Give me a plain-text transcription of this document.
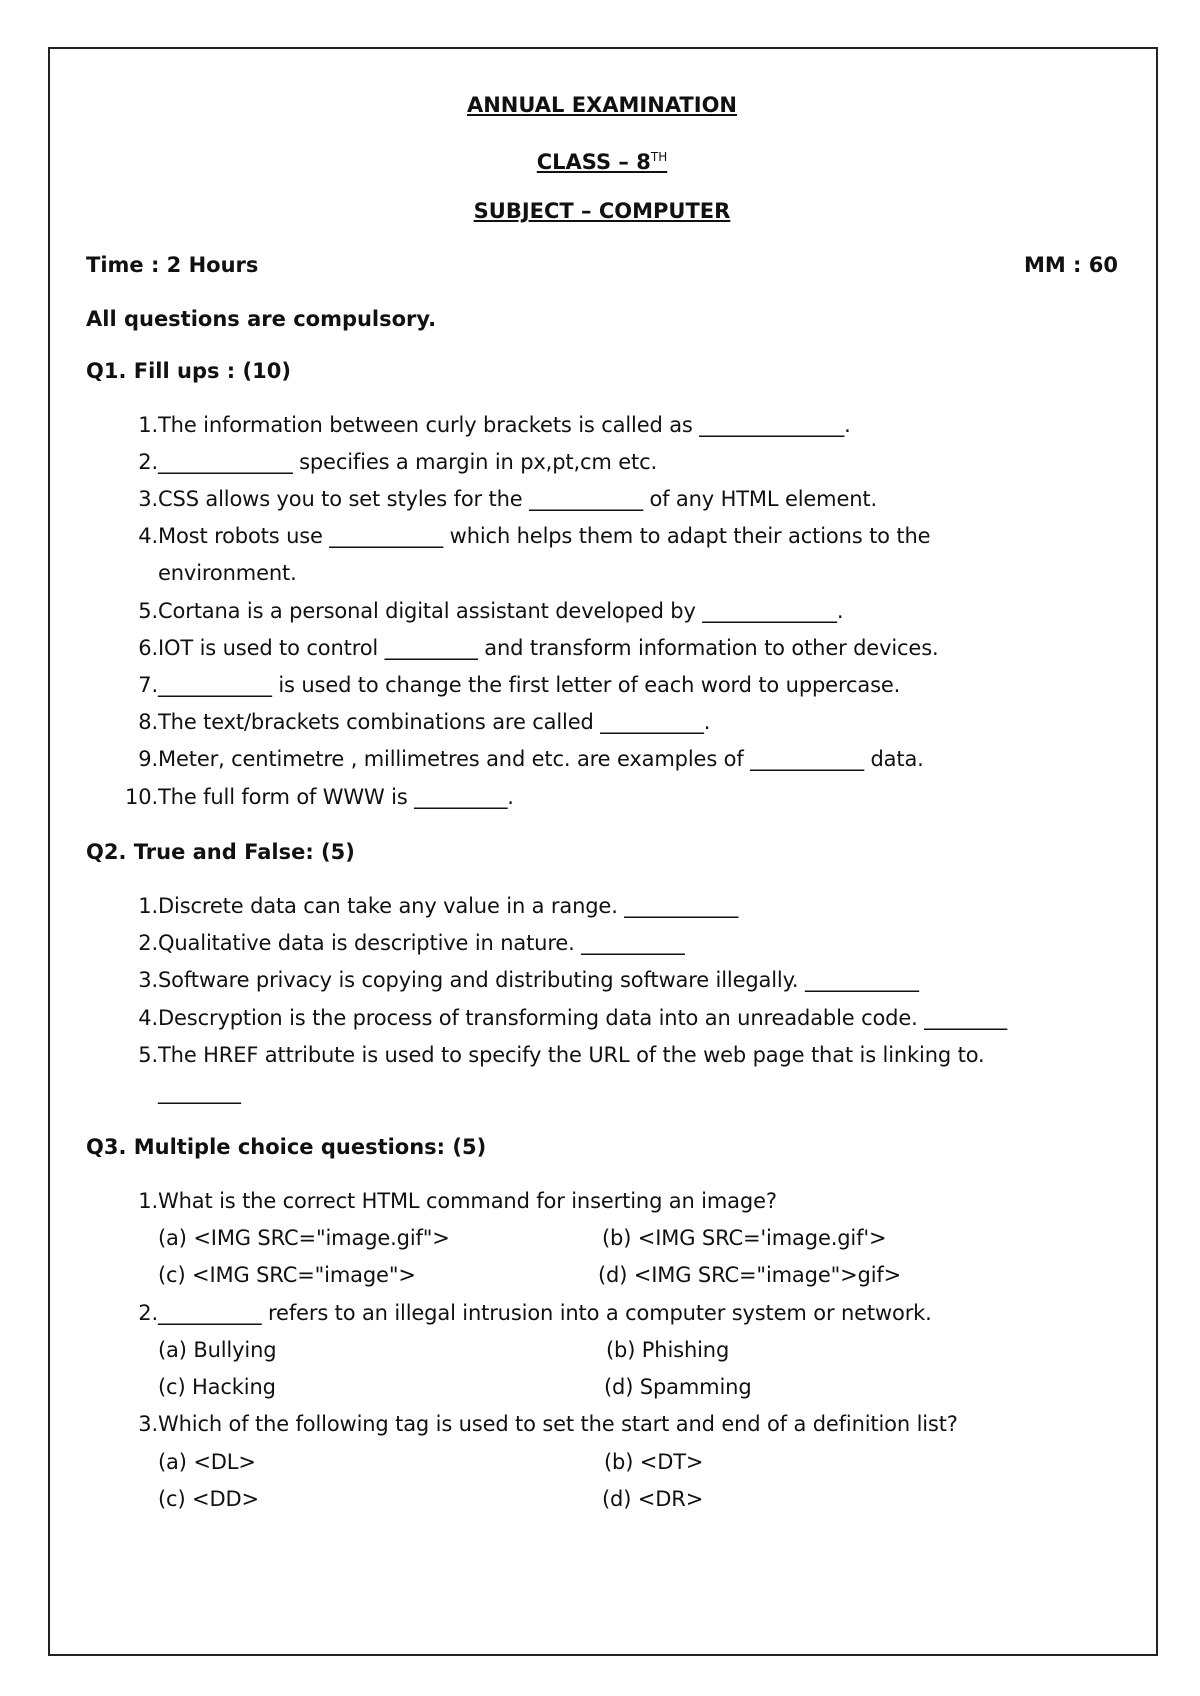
ANNUAL EXAMINATION
CLASS – 8TH
SUBJECT – COMPUTER
Time : 2 Hours	MM : 60
All questions are compulsory.
Q1. Fill ups : (10)
1. The information between curly brackets is called as ______________.
2. _____________ specifies a margin in px,pt,cm etc.
3. CSS allows you to set styles for the ___________ of any HTML element.
4. Most robots use ___________ which helps them to adapt their actions to the
environment.
5. Cortana is a personal digital assistant developed by _____________.
6. IOT is used to control _________ and transform information to other devices.
7. ___________ is used to change the first letter of each word to uppercase.
8. The text/brackets combinations are called __________.
9. Meter, centimetre , millimetres and etc. are examples of ___________ data.
10. The full form of WWW is _________.
Q2. True and False: (5)
1. Discrete data can take any value in a range. ___________
2. Qualitative data is descriptive in nature. __________
3. Software privacy is copying and distributing software illegally. ___________
4. Descryption is the process of transforming data into an unreadable code. ________
5. The HREF attribute is used to specify the URL of the web page that is linking to.
________
Q3. Multiple choice questions: (5)
1. What is the correct HTML command for inserting an image?
(a) <IMG SRC="image.gif">	(b) <IMG SRC='image.gif'>
(c) <IMG SRC="image">	(d) <IMG SRC="image">gif>
2. __________ refers to an illegal intrusion into a computer system or network.
(a) Bullying	(b) Phishing
(c) Hacking	(d) Spamming
3. Which of the following tag is used to set the start and end of a definition list?
(a) <DL>	(b) <DT>
(c) <DD>	(d) <DR>
